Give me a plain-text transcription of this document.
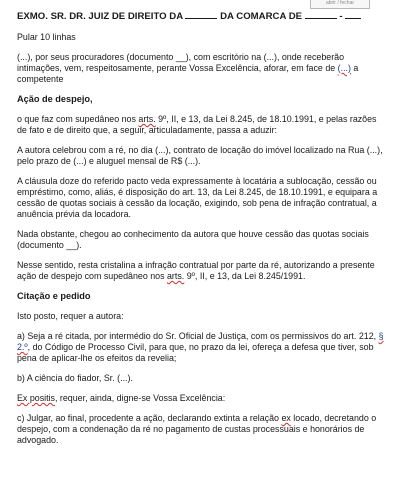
abrir / fechar
EXMO. SR. DR. JUIZ DE DIREITO DA	DA COMARCA DE	-
Pular 10 linhas
(...), por seus procuradores (documento __), com escritório na (...), onde receberão intimações, vem, respeitosamente, perante Vossa Excelência, aforar, em face de (...) a competente
Ação de despejo,
o que faz com supedâneo nos arts. 9º, II, e 13, da Lei 8.245, de 18.10.1991, e pelas razões de fato e de direito que, a seguir, articuladamente, passa a aduzir:
A autora celebrou com a ré, no dia (...), contrato de locação do imóvel localizado na Rua (...), pelo prazo de (...) e aluguel mensal de R$ (...).
A cláusula doze do referido pacto veda expressamente à locatária a sublocação, cessão ou empréstimo, como, aliás, é disposição do art. 13, da Lei 8.245, de 18.10.1991, e equipara a cessão de quotas sociais à cessão da locação, exigindo, sob pena de infração contratual, a anuência prévia da locadora.
Nada obstante, chegou ao conhecimento da autora que houve cessão das quotas sociais (documento __).
Nesse sentido, resta cristalina a infração contratual por parte da ré, autorizando a presente ação de despejo com supedâneo nos arts. 9º, II, e 13, da Lei 8.245/1991.
Citação e pedido
Isto posto, requer a autora:
a) Seja a ré citada, por intermédio do Sr. Oficial de Justiça, com os permissivos do art. 212, § 2.º, do Código de Processo Civil, para que, no prazo da lei, ofereça a defesa que tiver, sob pena de aplicar-lhe os efeitos da revelia;
b) A ciência do fiador, Sr. (...).
Ex positis, requer, ainda, digne-se Vossa Excelência:
c) Julgar, ao final, procedente a ação, declarando extinta a relação ex locado, decretando o despejo, com a condenação da ré no pagamento de custas processuais e honorários de advogado.
